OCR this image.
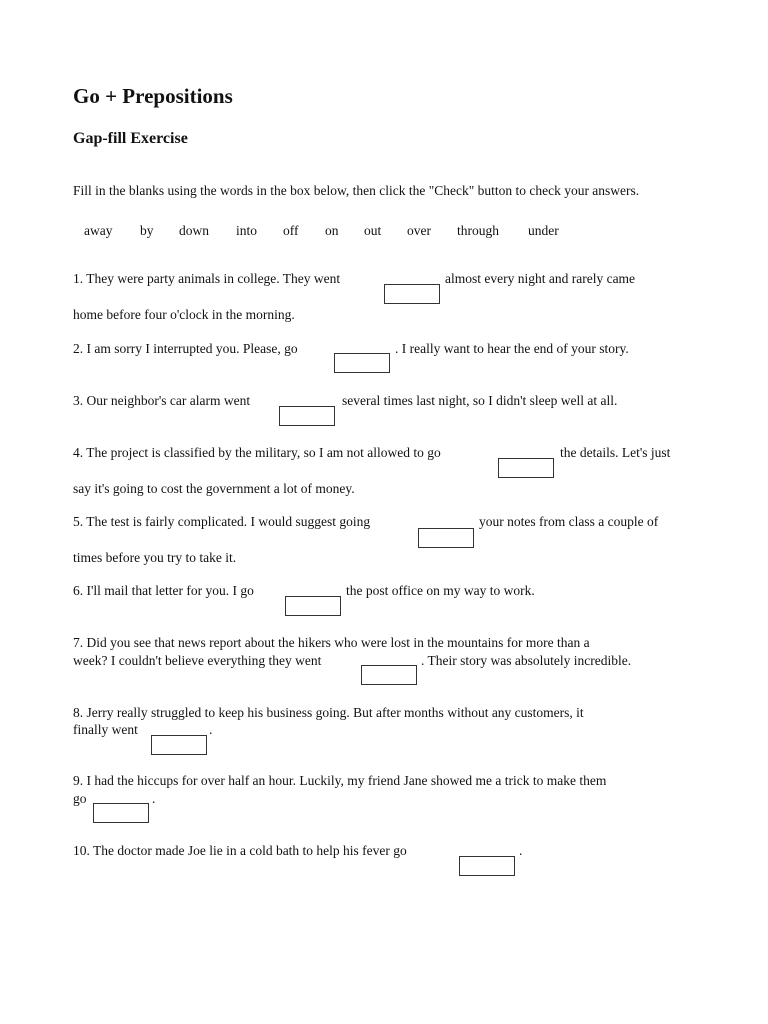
Go + Prepositions
Gap-fill Exercise

Fill in the blanks using the words in the box below, then click the "Check" button to check your answers.

away by down into off on out over through under
1. They were party animals in college. They went	almost every night and rarely came
home before four o'clock in the morning.
2. I am sorry I interrupted you. Please, go	. I really want to hear the end of your story.
3. Our neighbor's car alarm went	several times last night, so I didn't sleep well at all.
4. The project is classified by the military, so I am not allowed to go	the details. Let's just
say it's going to cost the government a lot of money.
5. The test is fairly complicated. I would suggest going	your notes from class a couple of
times before you try to take it.
6. I'll mail that letter for you. I go	the post office on my way to work.
7. Did you see that news report about the hikers who were lost in the mountains for more than a
week? I couldn't believe everything they went	. Their story was absolutely incredible.
8. Jerry really struggled to keep his business going. But after months without any customers, it
finally went	.
9. I had the hiccups for over half an hour. Luckily, my friend Jane showed me a trick to make them
go	.
10. The doctor made Joe lie in a cold bath to help his fever go	.
